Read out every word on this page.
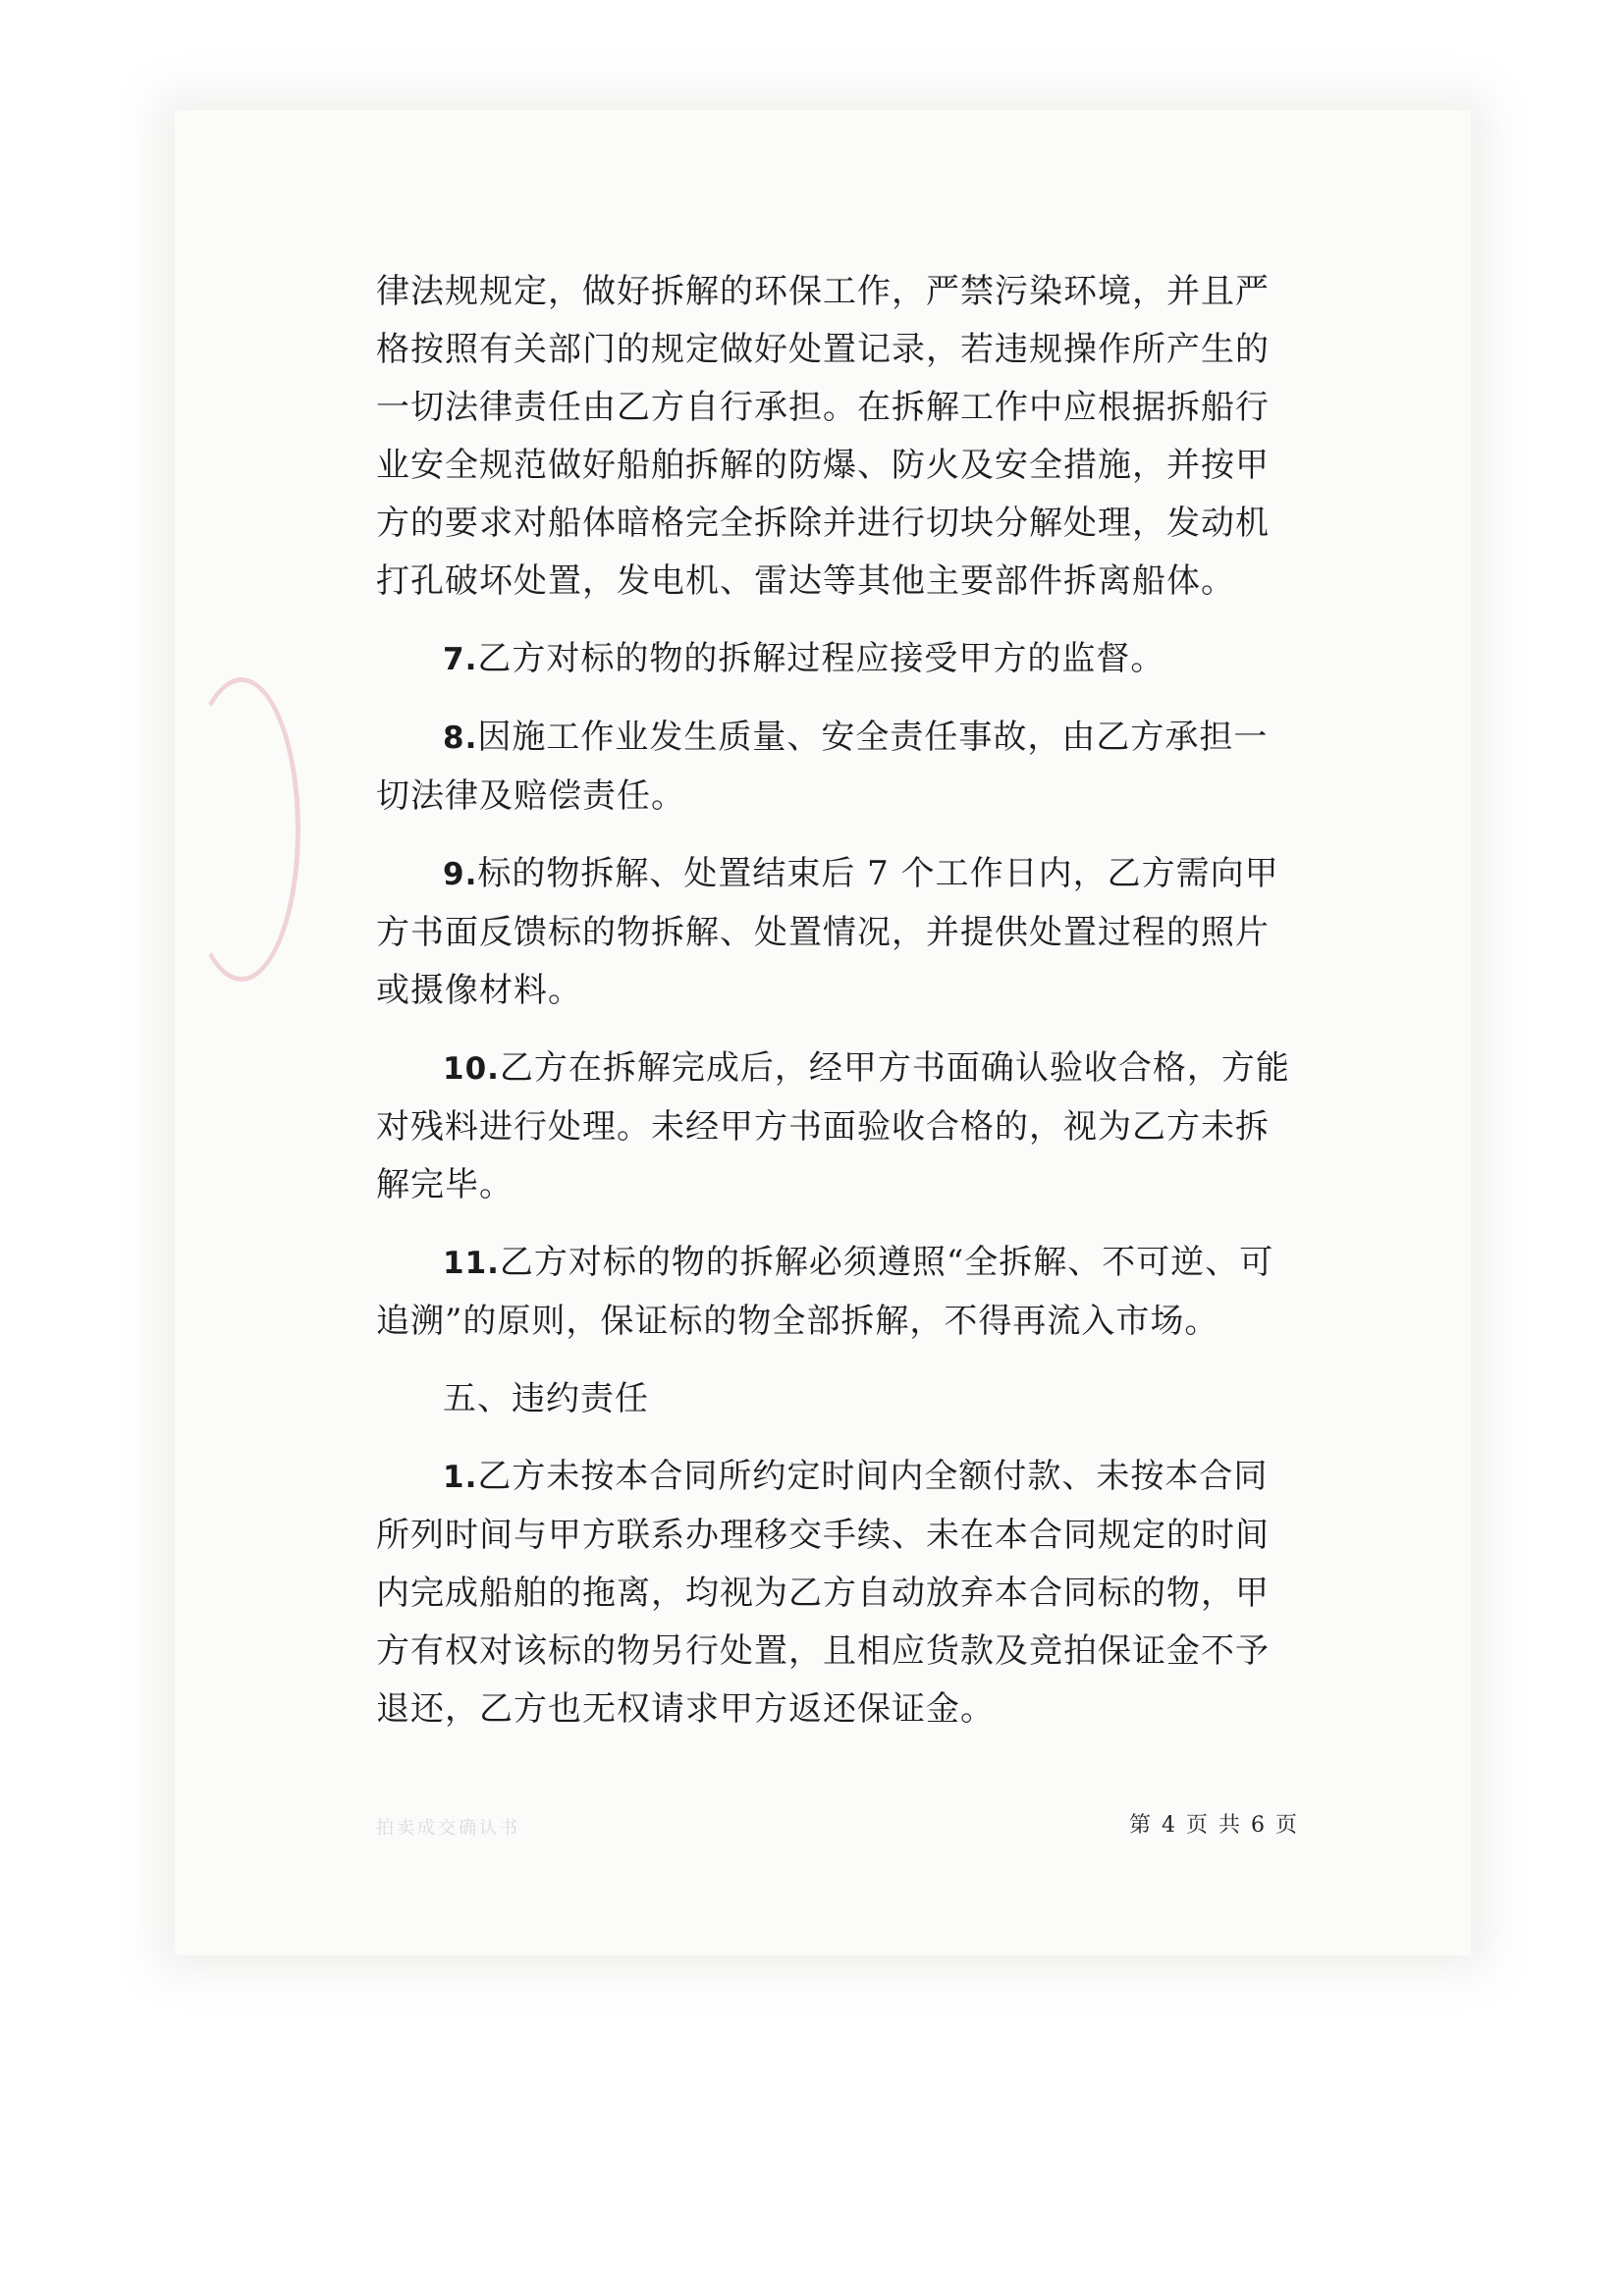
律法规规定，做好拆解的环保工作，严禁污染环境，并且严
格按照有关部门的规定做好处置记录，若违规操作所产生的
一切法律责任由乙方自行承担。在拆解工作中应根据拆船行
业安全规范做好船舶拆解的防爆、防火及安全措施，并按甲
方的要求对船体暗格完全拆除并进行切块分解处理，发动机
打孔破坏处置，发电机、雷达等其他主要部件拆离船体。
7.乙方对标的物的拆解过程应接受甲方的监督。
8.因施工作业发生质量、安全责任事故，由乙方承担一
切法律及赔偿责任。
9.标的物拆解、处置结束后 7 个工作日内，乙方需向甲
方书面反馈标的物拆解、处置情况，并提供处置过程的照片
或摄像材料。
10.乙方在拆解完成后，经甲方书面确认验收合格，方能
对残料进行处理。未经甲方书面验收合格的，视为乙方未拆
解完毕。
11.乙方对标的物的拆解必须遵照“全拆解、不可逆、可
追溯”的原则，保证标的物全部拆解，不得再流入市场。
五、违约责任
1.乙方未按本合同所约定时间内全额付款、未按本合同
所列时间与甲方联系办理移交手续、未在本合同规定的时间
内完成船舶的拖离，均视为乙方自动放弃本合同标的物，甲
方有权对该标的物另行处置，且相应货款及竞拍保证金不予
退还，乙方也无权请求甲方返还保证金。
拍卖成交确认书	第 4 页 共 6 页
